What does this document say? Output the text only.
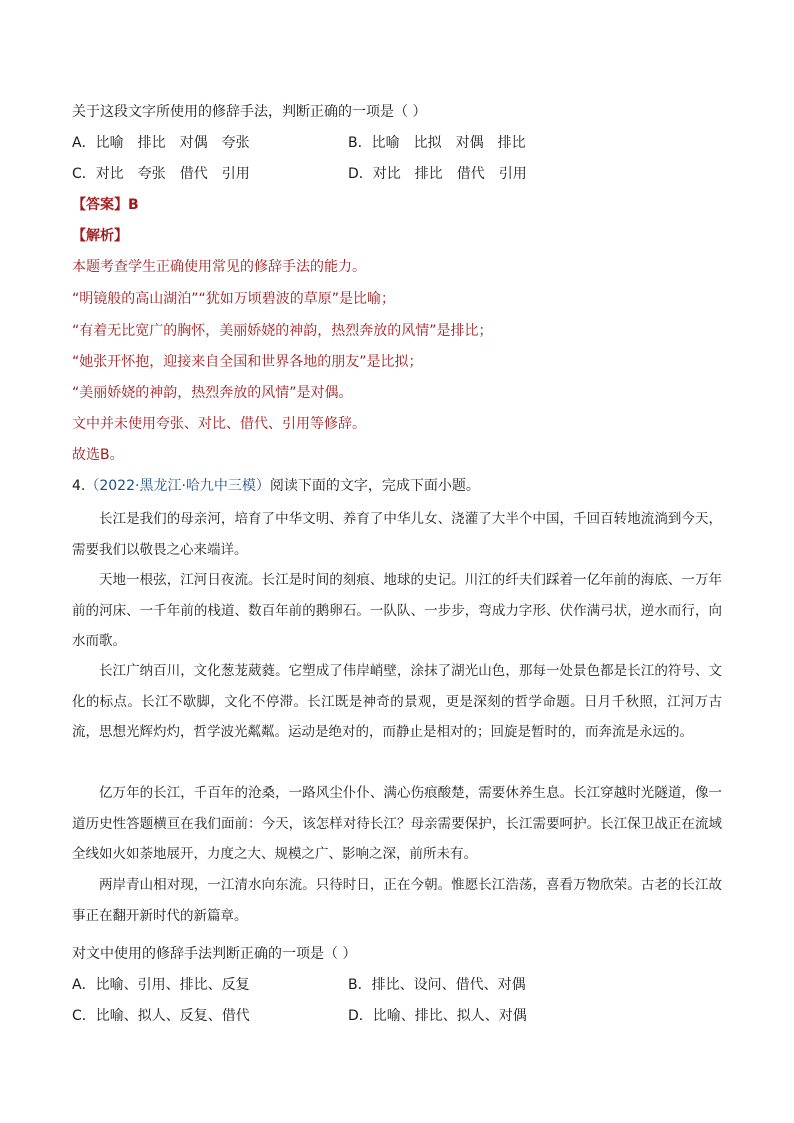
关于这段文字所使用的修辞手法，判断正确的一项是（ ）
A．比喻　排比　对偶　夸张	B．比喻　比拟　对偶　排比
C．对比　夸张　借代　引用	D．对比　排比　借代　引用
【答案】B
【解析】
本题考查学生正确使用常见的修辞手法的能力。
“明镜般的高山湖泊”“犹如万顷碧波的草原”是比喻；
“有着无比宽广的胸怀，美丽娇娆的神韵，热烈奔放的风情”是排比；
“她张开怀抱，迎接来自全国和世界各地的朋友”是比拟；
“美丽娇娆的神韵，热烈奔放的风情”是对偶。
文中并未使用夸张、对比、借代、引用等修辞。
故选B。
4.（2022·黑龙江·哈九中三模）阅读下面的文字，完成下面小题。
长江是我们的母亲河，培育了中华文明、养育了中华儿女、浇灌了大半个中国，千回百转地流淌到今天，需要我们以敬畏之心来端详。
天地一根弦，江河日夜流。长江是时间的刻痕、地球的史记。川江的纤夫们踩着一亿年前的海底、一万年前的河床、一千年前的栈道、数百年前的鹅卵石。一队队、一步步，弯成力字形、伏作满弓状，逆水而行，向水而歌。
长江广纳百川，文化葱茏葳蕤。它塑成了伟岸峭壁，涂抹了湖光山色，那每一处景色都是长江的符号、文化的标点。长江不歇脚，文化不停滞。长江既是神奇的景观，更是深刻的哲学命题。日月千秋照，江河万古流，思想光辉灼灼，哲学波光粼粼。运动是绝对的，而静止是相对的；回旋是暂时的，而奔流是永远的。
亿万年的长江，千百年的沧桑，一路风尘仆仆、满心伤痕酸楚，需要休养生息。长江穿越时光隧道，像一道历史性答题横亘在我们面前：今天，该怎样对待长江？母亲需要保护，长江需要呵护。长江保卫战正在流域全线如火如荼地展开，力度之大、规模之广、影响之深，前所未有。
两岸青山相对现，一江清水向东流。只待时日，正在今朝。惟愿长江浩荡，喜看万物欣荣。古老的长江故事正在翻开新时代的新篇章。
对文中使用的修辞手法判断正确的一项是（ ）
A．比喻、引用、排比、反复	B．排比、设问、借代、对偶
C．比喻、拟人、反复、借代	D．比喻、排比、拟人、对偶
